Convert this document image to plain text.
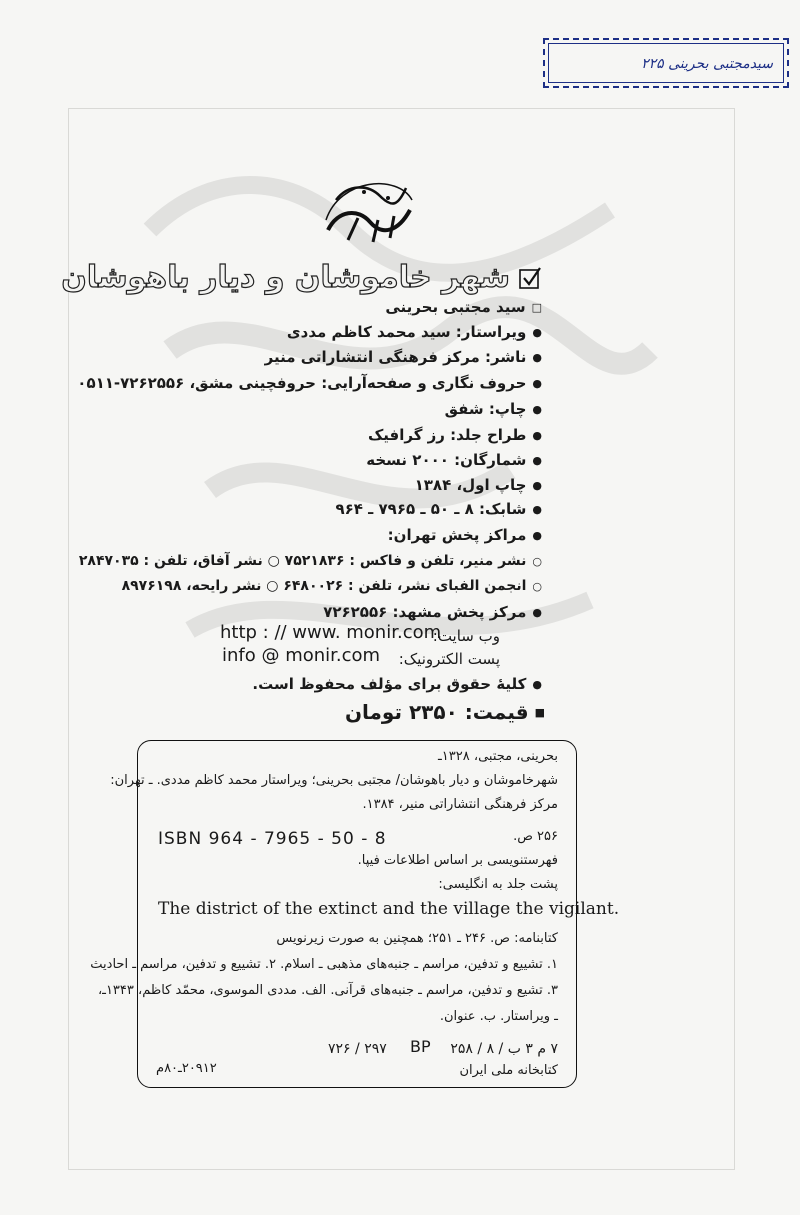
سیدمجتبی بحرینی ۲۲۵
شهر خاموشان و دیار باهوشان
□
سید مجتبی بحرینی
●
ویراستار: سید محمد کاظم مددی
●
ناشر: مرکز فرهنگی انتشاراتی منیر
●
حروف نگاری و صفحه‌آرایی: حروفچینی مشق، ۷۲۶۲۵۵۶-۰۵۱۱
●
چاپ: شفق
●
طراح جلد: رز گرافیک
●
شمارگان: ۲۰۰۰ نسخه
●
چاپ اول، ۱۳۸۴
●
شابک: ۸ ـ ۵۰ ـ ۷۹۶۵ ـ ۹۶۴
●
مراکز پخش تهران:
○
نشر منیر، تلفن و فاکس : ۷۵۲۱۸۳۶ ○ نشر آفاق، تلفن : ۲۸۴۷۰۳۵
○
انجمن الفبای نشر، تلفن : ۶۴۸۰۰۲۶ ○ نشر رایحه، ۸۹۷۶۱۹۸
●
مرکز پخش مشهد: ۷۲۶۲۵۵۶
وب سایت:
http : // www. monir.com
پست الکترونیک:
info @ monir.com
●
کلیهٔ حقوق برای مؤلف محفوظ است.
■
قیمت: ۲۳۵۰ تومان
بحرینی، مجتبی، ۱۳۲۸ـ
شهرخاموشان و دیار باهوشان/ مجتبی بحرینی؛ ویراستار محمد کاظم مددی. ـ تهران:
مرکز فرهنگی انتشاراتی منیر، ۱۳۸۴.
ISBN 964 - 7965 - 50 - 8	۲۵۶ ص.
فهرستنویسی بر اساس اطلاعات فیپا.
پشت جلد به انگلیسی:
The district of the extinct and the village the vigilant.
کتابنامه: ص. ۲۴۶ ـ ۲۵۱؛ همچنین به صورت زیرنویس
۱. تشییع و تدفین، مراسم ـ جنبه‌های مذهبی ـ اسلام. ۲. تشییع و تدفین، مراسم ـ احادیث
۳. تشیع و تدفین، مراسم ـ جنبه‌های قرآنی. الف. مددی الموسوی، محمّد کاظم، ۱۳۴۳ـ،
ـ ویراستار. ب. عنوان.
۷ م ۳ ب / ۸ / ۲۵۸
BP
۲۹۷ / ۷۲۶
کتابخانه ملی ایران
۲۰۹۱۲ـ۸۰م
